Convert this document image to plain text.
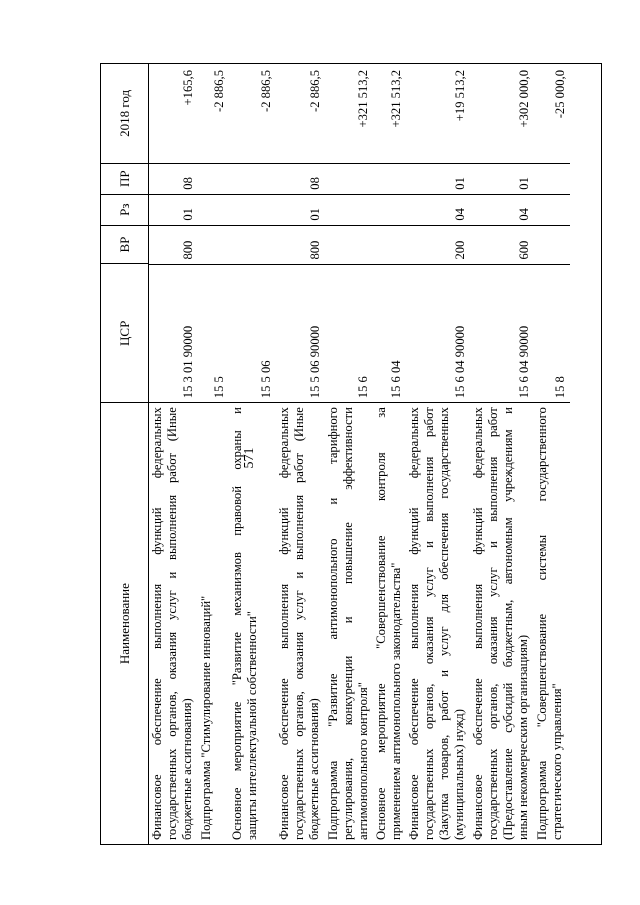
571
Наименование
ЦСР
ВР
Рз
ПР
2018 год
Финансовое обеспечение выполнения функций федеральных государственных органов, оказания услуг и выполнения работ (Иные бюджетные ассигнования)
15 3 01 90000
800
01
08
+165,6
Подпрограмма "Стимулирование инноваций"
15 5
-2 886,5
Основное мероприятие "Развитие механизмов правовой охраны и защиты интеллектуальной собственности"
15 5 06
-2 886,5
Финансовое обеспечение выполнения функций федеральных государственных органов, оказания услуг и выполнения работ (Иные бюджетные ассигнования)
15 5 06 90000
800
01
08
-2 886,5
Подпрограмма "Развитие антимонопольного и тарифного регулирования, конкуренции и повышение эффективности антимонопольного контроля"
15 6
+321 513,2
Основное мероприятие "Совершенствование контроля за применением антимонопольного законодательства"
15 6 04
+321 513,2
Финансовое обеспечение выполнения функций федеральных государственных органов, оказания услуг и выполнения работ (Закупка товаров, работ и услуг для обеспечения государственных (муниципальных) нужд)
15 6 04 90000
200
04
01
+19 513,2
Финансовое обеспечение выполнения функций федеральных государственных органов, оказания услуг и выполнения работ (Предоставление субсидий бюджетным, автономным учреждениям и иным некоммерческим организациям)
15 6 04 90000
600
04
01
+302 000,0
Подпрограмма "Совершенствование системы государственного стратегического управления"
15 8
-25 000,0
